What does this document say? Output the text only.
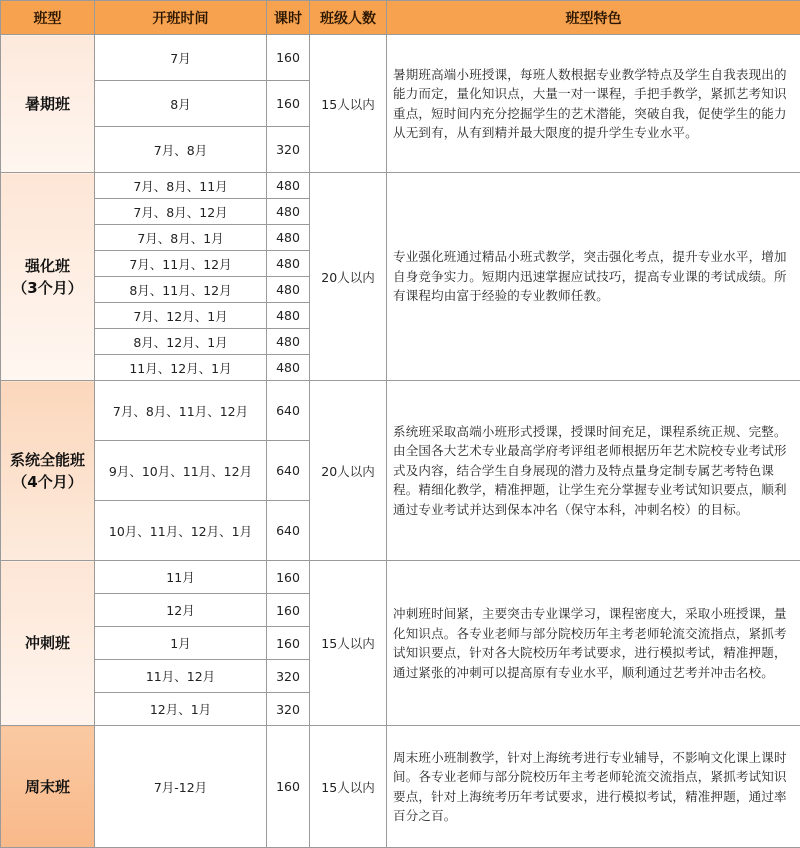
班型	开班时间	课时	班级人数	班型特色

暑期班	7月	160	15人以内	暑期班高端小班授课，每班人数根据专业教学特点及学生自我表现出的能力而定，量化知识点，大量一对一课程，手把手教学，紧抓艺考知识重点，短时间内充分挖掘学生的艺术潜能，突破自我，促使学生的能力从无到有，从有到精并最大限度的提升学生专业水平。
	8月	160		
	7月、8月	320		

强化班
（3个月）	7月、8月、11月	480	20人以内	专业强化班通过精品小班式教学，突击强化考点，提升专业水平，增加自身竞争实力。短期内迅速掌握应试技巧，提高专业课的考试成绩。所有课程均由富于经验的专业教师任教。
	7月、8月、12月	480		
	7月、8月、1月	480		
	7月、11月、12月	480		
	8月、11月、12月	480		
	7月、12月、1月	480		
	8月、12月、1月	480		
	11月、12月、1月	480		

系统全能班
（4个月）	7月、8月、11月、12月	640	20人以内	系统班采取高端小班形式授课，授课时间充足，课程系统正规、完整。由全国各大艺术专业最高学府考评组老师根据历年艺术院校专业考试形式及内容，结合学生自身展现的潜力及特点量身定制专属艺考特色课程。精细化教学，精准押题，让学生充分掌握专业考试知识要点，顺利通过专业考试并达到保本冲名（保守本科，冲刺名校）的目标。
	9月、10月、11月、12月	640		
	10月、11月、12月、1月	640		

冲刺班	11月	160	15人以内	冲刺班时间紧，主要突击专业课学习，课程密度大，采取小班授课，量化知识点。各专业老师与部分院校历年主考老师轮流交流指点，紧抓考试知识要点，针对各大院校历年考试要求，进行模拟考试，精准押题，通过紧张的冲刺可以提高原有专业水平，顺利通过艺考并冲击名校。
	12月	160		
	1月	160		
	11月、12月	320		
	12月、1月	320		

周末班	7月-12月	160	15人以内	周末班小班制教学，针对上海统考进行专业辅导，不影响文化课上课时间。各专业老师与部分院校历年主考老师轮流交流指点，紧抓考试知识要点，针对上海统考历年考试要求，进行模拟考试，精准押题，通过率百分之百。
